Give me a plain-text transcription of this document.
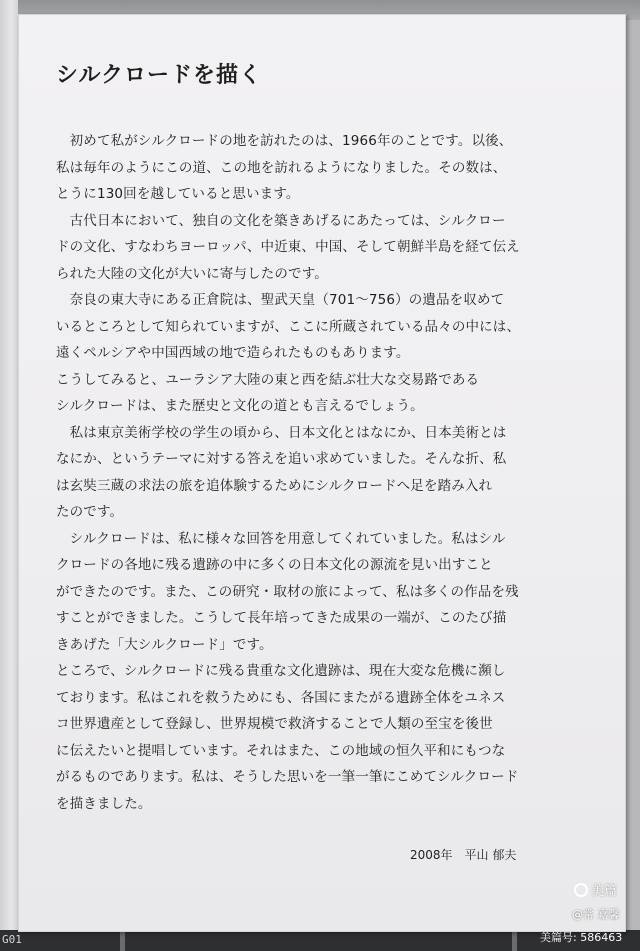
シルクロードを描く
　初めて私がシルクロードの地を訪れたのは、1966年のことです。以後、
私は毎年のようにこの道、この地を訪れるようになりました。その数は、
とうに130回を越していると思います。
　古代日本において、独自の文化を築きあげるにあたっては、シルクロー
ドの文化、すなわちヨーロッパ、中近東、中国、そして朝鮮半島を経て伝え
られた大陸の文化が大いに寄与したのです。
　奈良の東大寺にある正倉院は、聖武天皇（701～756）の遺品を収めて
いるところとして知られていますが、ここに所蔵されている品々の中には、
遠くペルシアや中国西域の地で造られたものもあります。
こうしてみると、ユーラシア大陸の東と西を結ぶ壮大な交易路である
シルクロードは、また歴史と文化の道とも言えるでしょう。
　私は東京美術学校の学生の頃から、日本文化とはなにか、日本美術とは
なにか、というテーマに対する答えを追い求めていました。そんな折、私
は玄奘三蔵の求法の旅を追体験するためにシルクロードへ足を踏み入れ
たのです。
　シルクロードは、私に様々な回答を用意してくれていました。私はシル
クロードの各地に残る遺跡の中に多くの日本文化の源流を見い出すこと
ができたのです。また、この研究・取材の旅によって、私は多くの作品を残
すことができました。こうして長年培ってきた成果の一端が、このたび描
きあげた「大シルクロード」です。
ところで、シルクロードに残る貴重な文化遺跡は、現在大変な危機に瀕し
ております。私はこれを救うためにも、各国にまたがる遺跡全体をユネス
コ世界遺産として登録し、世界規模で救済することで人類の至宝を後世
に伝えたいと提唱しています。それはまた、この地域の恒久平和にもつな
がるものであります。私は、そうした思いを一筆一筆にこめてシルクロード
を描きました。
2008年　平山 郁夫
美篇
@常 嘉馨
美篇号: 586463
G01
